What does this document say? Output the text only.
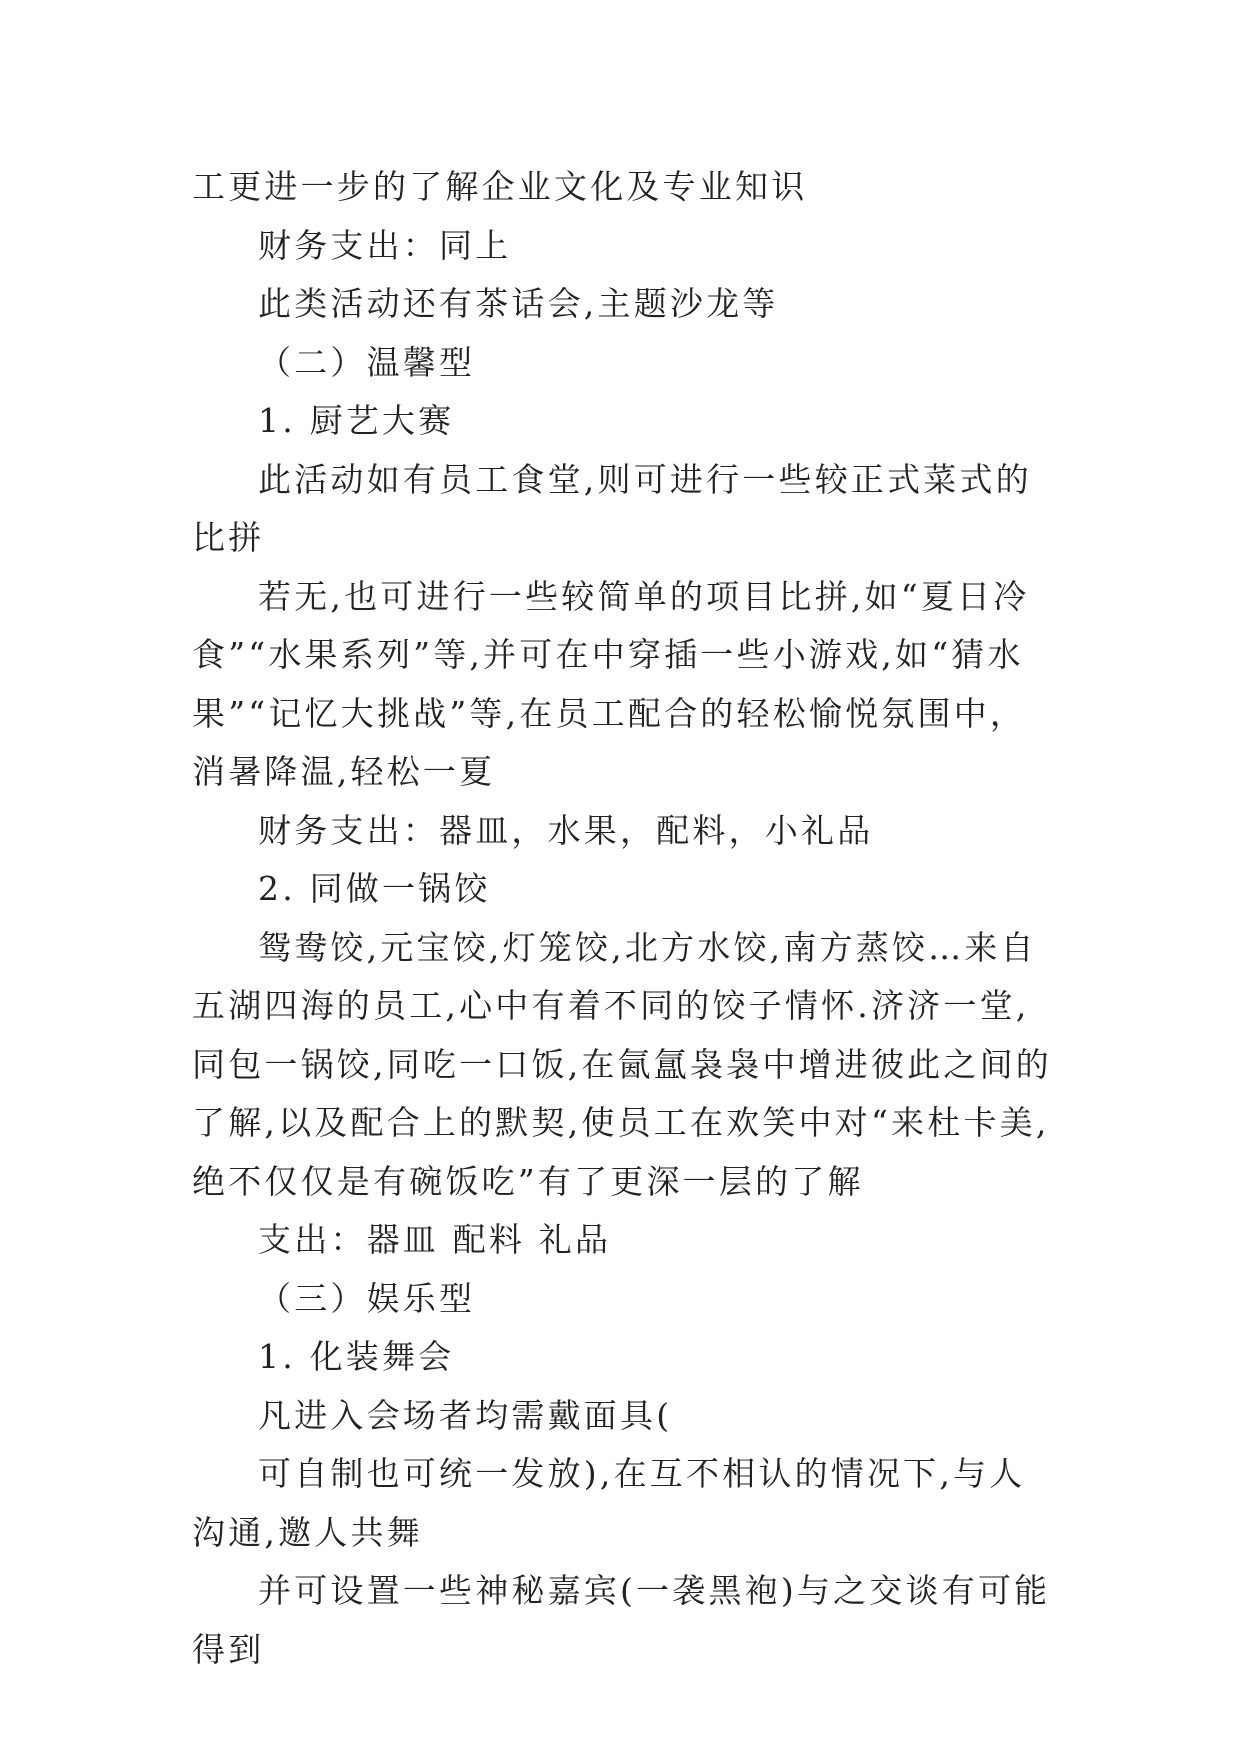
工更进一步的了解企业文化及专业知识

财务支出：同上

此类活动还有茶话会,主题沙龙等

（二）温馨型

1. 厨艺大赛

此活动如有员工食堂,则可进行一些较正式菜式的比拼

若无,也可进行一些较简单的项目比拼,如“夏日冷食”“水果系列”等,并可在中穿插一些小游戏,如“猜水果”“记忆大挑战”等,在员工配合的轻松愉悦氛围中，消暑降温,轻松一夏

财务支出：器皿，水果，配料，小礼品

2. 同做一锅饺

鸳鸯饺,元宝饺,灯笼饺,北方水饺,南方蒸饺…来自五湖四海的员工,心中有着不同的饺子情怀.济济一堂,同包一锅饺,同吃一口饭,在氤氲袅袅中增进彼此之间的了解,以及配合上的默契,使员工在欢笑中对“来杜卡美,绝不仅仅是有碗饭吃”有了更深一层的了解

支出：器皿 配料 礼品

（三）娱乐型

1. 化装舞会

凡进入会场者均需戴面具(

可自制也可统一发放),在互不相认的情况下,与人沟通,邀人共舞

并可设置一些神秘嘉宾(一袭黑袍)与之交谈有可能得到
